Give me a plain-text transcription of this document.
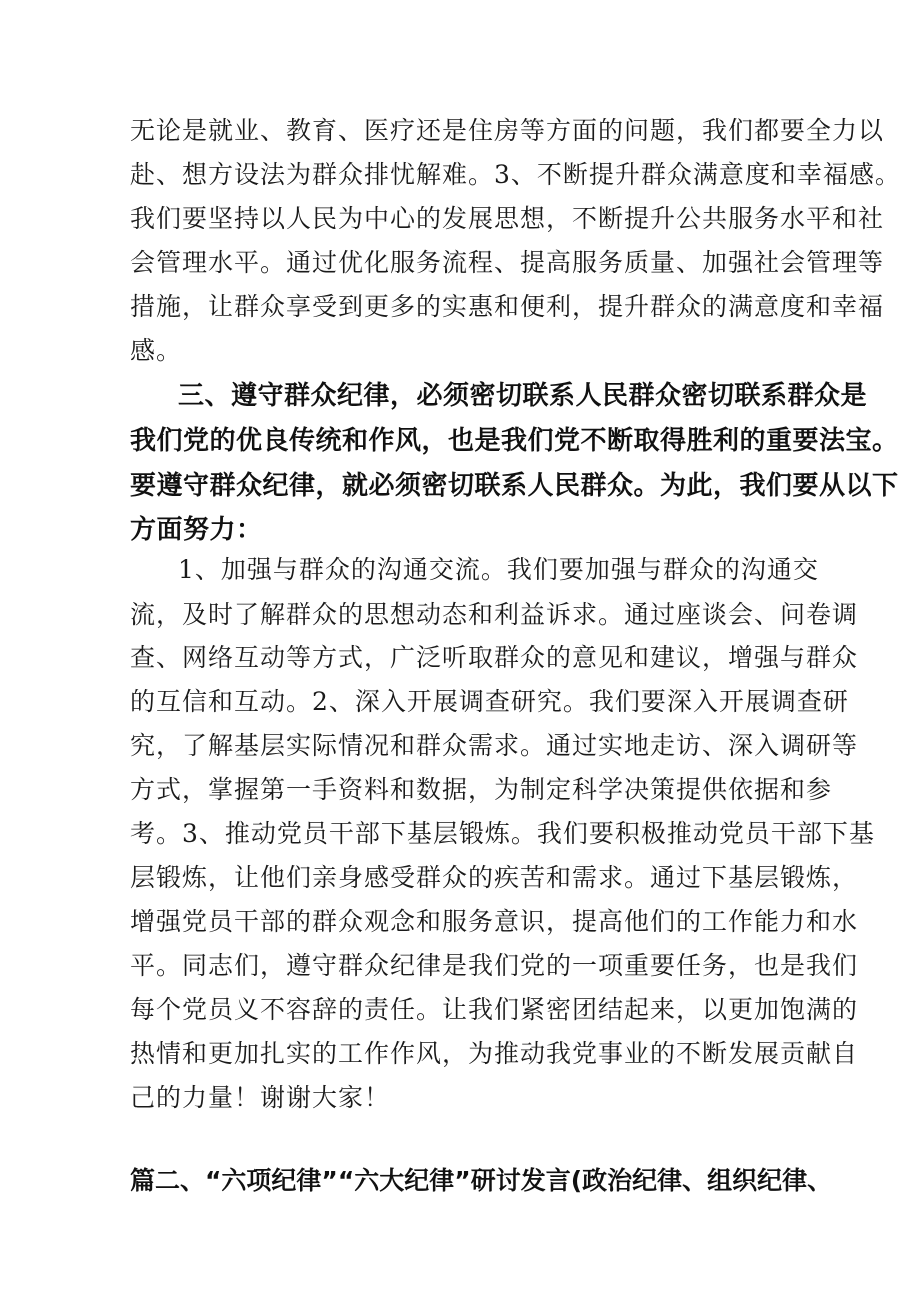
无论是就业、教育、医疗还是住房等方面的问题，我们都要全力以
赴、想方设法为群众排忧解难。3、不断提升群众满意度和幸福感。
我们要坚持以人民为中心的发展思想，不断提升公共服务水平和社
会管理水平。通过优化服务流程、提高服务质量、加强社会管理等
措施，让群众享受到更多的实惠和便利，提升群众的满意度和幸福
感。
三、遵守群众纪律，必须密切联系人民群众密切联系群众是
我们党的优良传统和作风，也是我们党不断取得胜利的重要法宝。
要遵守群众纪律，就必须密切联系人民群众。为此，我们要从以下
方面努力：
1、加强与群众的沟通交流。我们要加强与群众的沟通交
流，及时了解群众的思想动态和利益诉求。通过座谈会、问卷调
查、网络互动等方式，广泛听取群众的意见和建议，增强与群众
的互信和互动。2、深入开展调查研究。我们要深入开展调查研
究，了解基层实际情况和群众需求。通过实地走访、深入调研等
方式，掌握第一手资料和数据，为制定科学决策提供依据和参
考。3、推动党员干部下基层锻炼。我们要积极推动党员干部下基
层锻炼，让他们亲身感受群众的疾苦和需求。通过下基层锻炼，
增强党员干部的群众观念和服务意识，提高他们的工作能力和水
平。同志们，遵守群众纪律是我们党的一项重要任务，也是我们
每个党员义不容辞的责任。让我们紧密团结起来，以更加饱满的
热情和更加扎实的工作作风，为推动我党事业的不断发展贡献自
己的力量！谢谢大家！
篇二、“六项纪律”“六大纪律”研讨发言(政治纪律、组织纪律、
